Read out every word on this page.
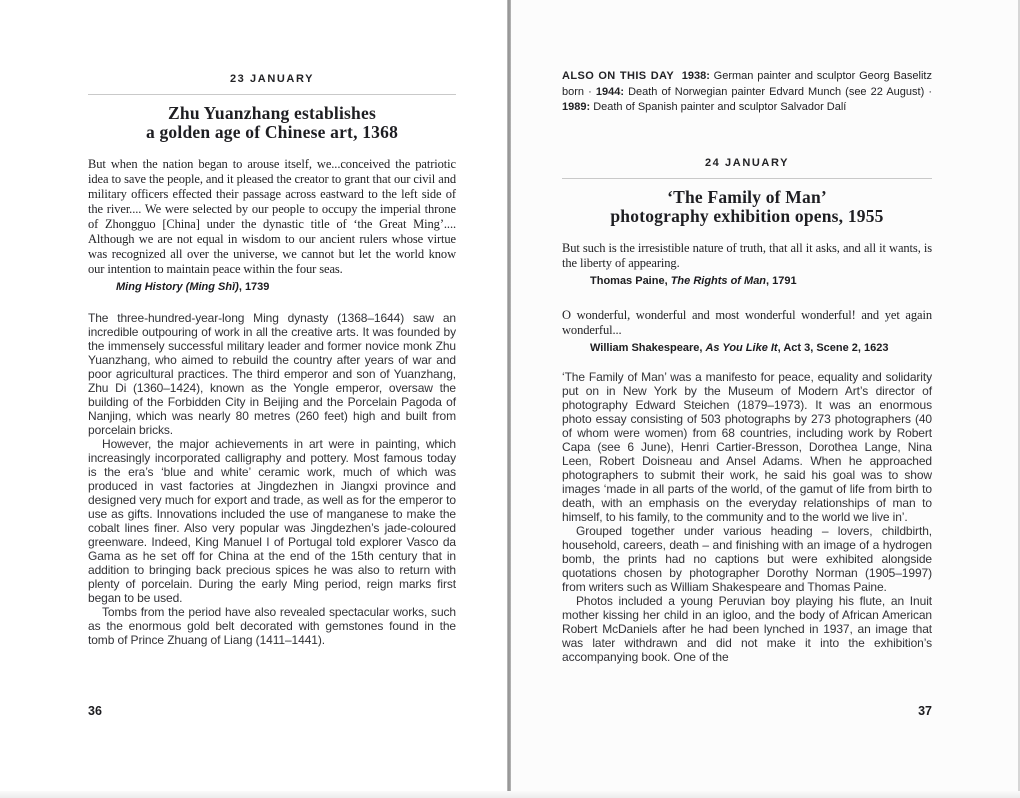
23 JANUARY
Zhu Yuanzhang establishes
a golden age of Chinese art, 1368

But when the nation began to arouse itself, we...conceived the patriotic idea to save the people, and it pleased the creator to grant that our civil and military officers effected their passage across eastward to the left side of the river.... We were selected by our people to occupy the imperial throne of Zhongguo [China] under the dynastic title of ‘the Great Ming’.... Although we are not equal in wisdom to our ancient rulers whose virtue was recognized all over the universe, we cannot but let the world know our intention to maintain peace within the four seas.

Ming History (Ming Shǐ), 1739

The three-hundred-year-long Ming dynasty (1368–1644) saw an incredible outpouring of work in all the creative arts. It was founded by the immensely successful military leader and former novice monk Zhu Yuanzhang, who aimed to rebuild the country after years of war and poor agricultural practices. The third emperor and son of Yuanzhang, Zhu Di (1360–1424), known as the Yongle emperor, oversaw the building of the Forbidden City in Beijing and the Porcelain Pagoda of Nanjing, which was nearly 80 metres (260 feet) high and built from porcelain bricks.

However, the major achievements in art were in painting, which increasingly incorporated calligraphy and pottery. Most famous today is the era’s ‘blue and white’ ceramic work, much of which was produced in vast factories at Jingdezhen in Jiangxi province and designed very much for export and trade, as well as for the emperor to use as gifts. Innovations included the use of manganese to make the cobalt lines finer. Also very popular was Jingdezhen’s jade-coloured greenware. Indeed, King Manuel I of Portugal told explorer Vasco da Gama as he set off for China at the end of the 15th century that in addition to bringing back precious spices he was also to return with plenty of porcelain. During the early Ming period, reign marks first began to be used.

Tombs from the period have also revealed spectacular works, such as the enormous gold belt decorated with gemstones found in the tomb of Prince Zhuang of Liang (1411–1441).

36

ALSO ON THIS DAY 1938: German painter and sculptor Georg Baselitz born · 1944: Death of Norwegian painter Edvard Munch (see 22 August) · 1989: Death of Spanish painter and sculptor Salvador Dalí

24 JANUARY
‘The Family of Man’
photography exhibition opens, 1955

But such is the irresistible nature of truth, that all it asks, and all it wants, is the liberty of appearing.

Thomas Paine, The Rights of Man, 1791

O wonderful, wonderful and most wonderful wonderful! and yet again wonderful...

William Shakespeare, As You Like It, Act 3, Scene 2, 1623

‘The Family of Man’ was a manifesto for peace, equality and solidarity put on in New York by the Museum of Modern Art’s director of photography Edward Steichen (1879–1973). It was an enormous photo essay consisting of 503 photographs by 273 photographers (40 of whom were women) from 68 countries, including work by Robert Capa (see 6 June), Henri Cartier-Bresson, Dorothea Lange, Nina Leen, Robert Doisneau and Ansel Adams. When he approached photographers to submit their work, he said his goal was to show images ‘made in all parts of the world, of the gamut of life from birth to death, with an emphasis on the everyday relationships of man to himself, to his family, to the community and to the world we live in’.

Grouped together under various heading – lovers, childbirth, household, careers, death – and finishing with an image of a hydrogen bomb, the prints had no captions but were exhibited alongside quotations chosen by photographer Dorothy Norman (1905–1997) from writers such as William Shakespeare and Thomas Paine.

Photos included a young Peruvian boy playing his flute, an Inuit mother kissing her child in an igloo, and the body of African American Robert McDaniels after he had been lynched in 1937, an image that was later withdrawn and did not make it into the exhibition’s accompanying book. One of the

37
